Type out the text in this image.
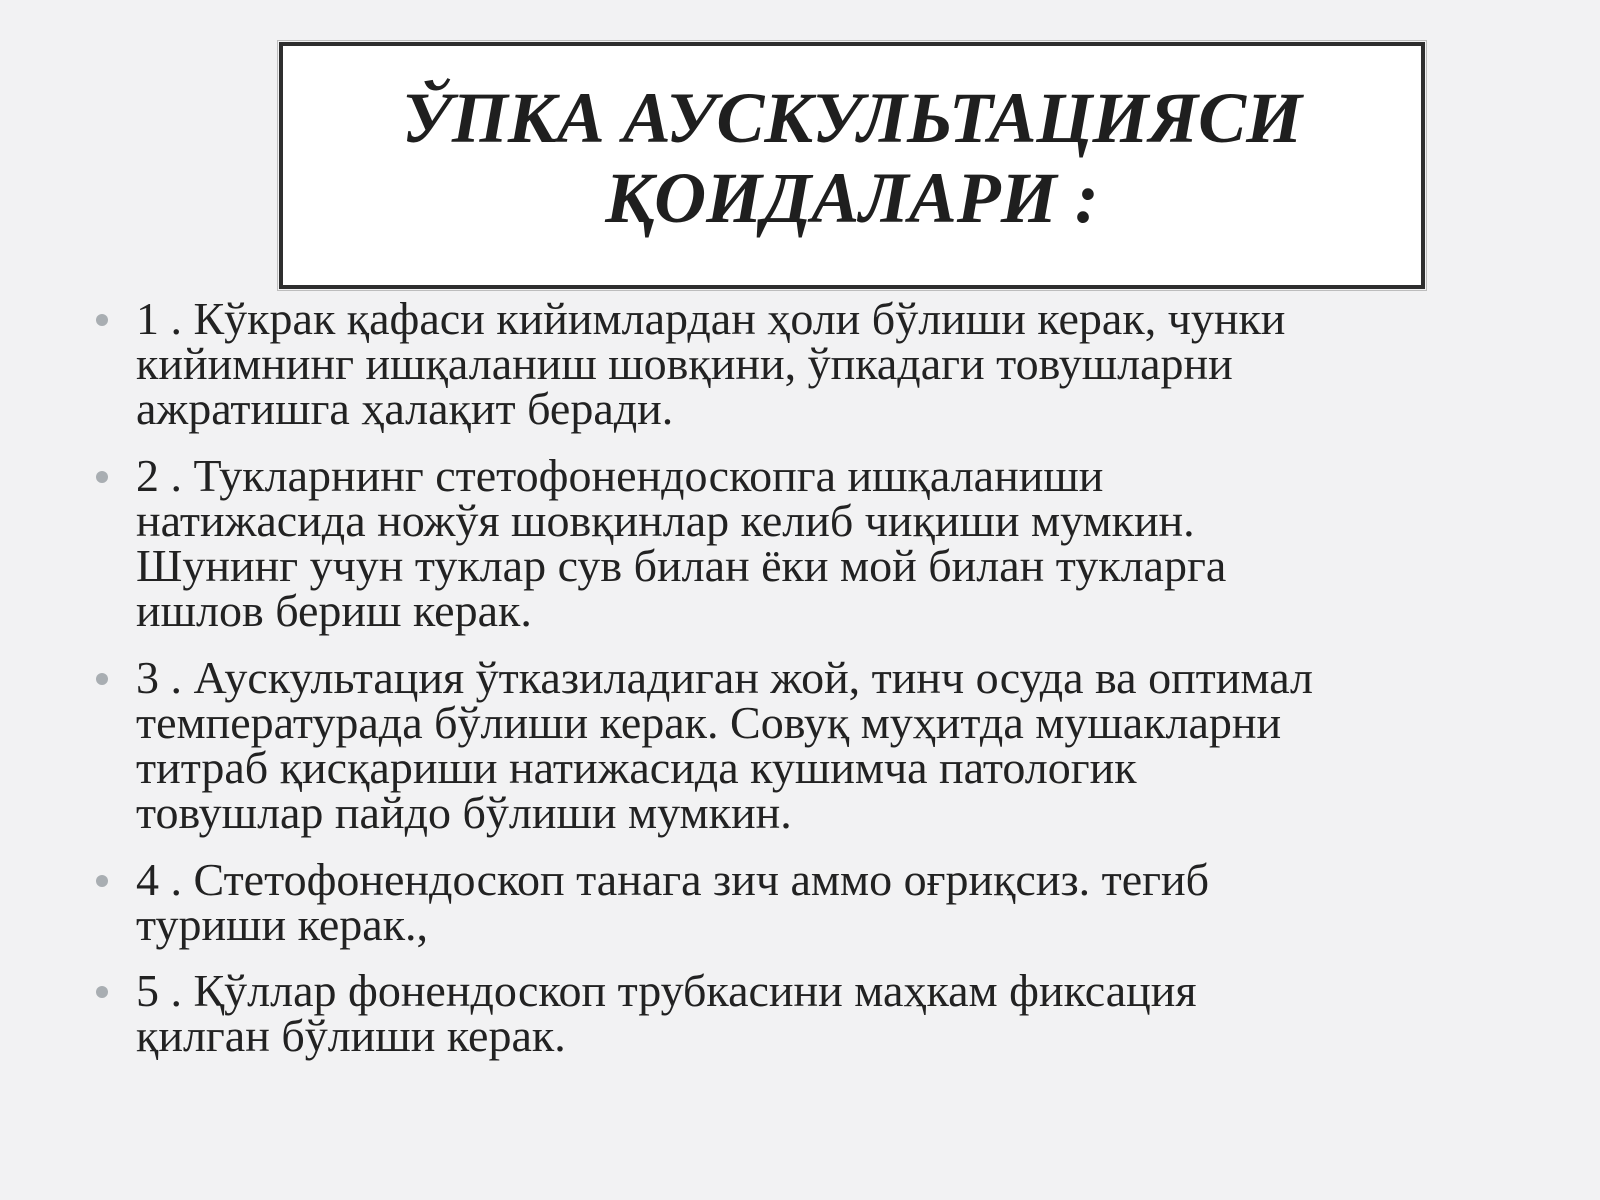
ЎПКА АУСКУЛЬТАЦИЯСИ
ҚОИДАЛАРИ :
1 . Кўкрак қафаси кийимлардан ҳоли бўлиши керак, чунки
кийимнинг ишқаланиш шовқини, ўпкадаги товушларни
ажратишга ҳалақит беради.
2 . Тукларнинг стетофонендоскопга ишқаланиши
натижасида ножўя шовқинлар келиб чиқиши мумкин.
Шунинг учун туклар сув билан ёки мой билан тукларга
ишлов бериш керак.
3 . Аускультация ўтказиладиган жой, тинч осуда ва оптимал
температурада бўлиши керак. Совуқ муҳитда мушакларни
титраб қисқариши натижасида кушимча патологик
товушлар пайдо бўлиши мумкин.
4 . Стетофонендоскоп танага зич аммо оғриқсиз. тегиб
туриши керак.,
5 . Қўллар фонендоскоп трубкасини маҳкам фиксация
қилган бўлиши керак.
